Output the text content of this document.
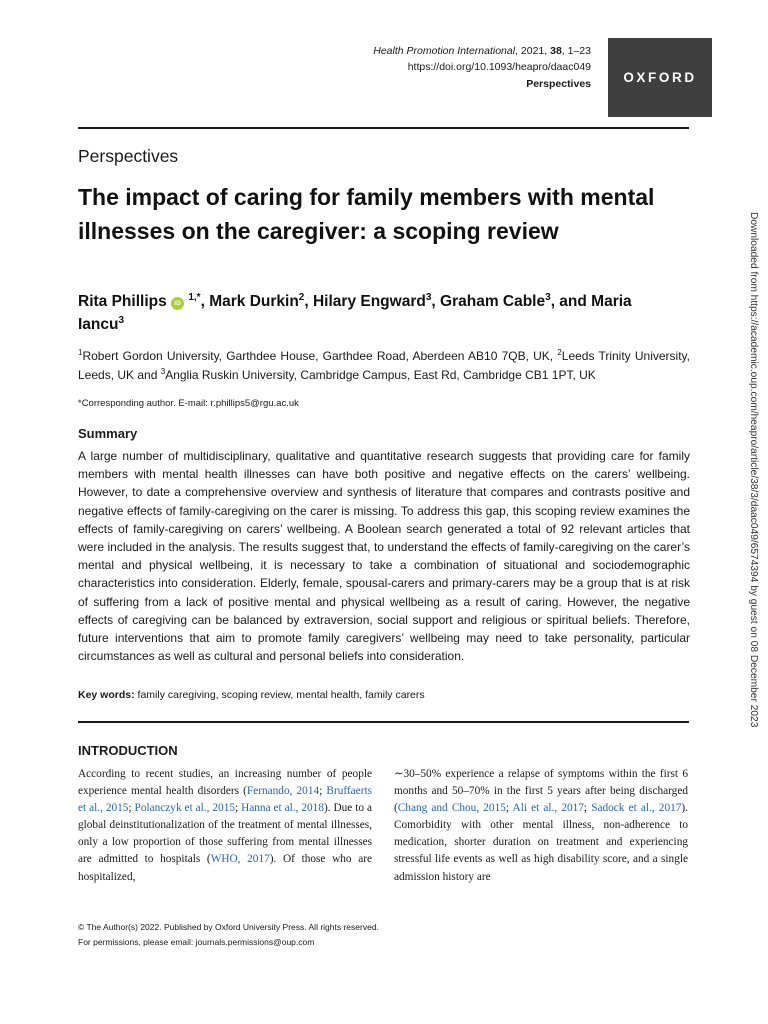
Health Promotion International, 2021, 38, 1–23
https://doi.org/10.1093/heapro/daac049
Perspectives	OXFORD
Perspectives
The impact of caring for family members with mental illnesses on the caregiver: a scoping review
Rita Phillips iD $^{1,*}$, Mark Durkin$^2$, Hilary Engward$^3$, Graham Cable$^3$, and Maria Iancu$^3$
$^1$Robert Gordon University, Garthdee House, Garthdee Road, Aberdeen AB10 7QB, UK, $^2$Leeds Trinity University, Leeds, UK and $^3$Anglia Ruskin University, Cambridge Campus, East Rd, Cambridge CB1 1PT, UK
*Corresponding author. E-mail: r.phillips5@rgu.ac.uk
Summary
A large number of multidisciplinary, qualitative and quantitative research suggests that providing care for family members with mental health illnesses can have both positive and negative effects on the carers’ wellbeing. However, to date a comprehensive overview and synthesis of literature that compares and contrasts positive and negative effects of family-caregiving on the carer is missing. To address this gap, this scoping review examines the effects of family-caregiving on carers’ wellbeing. A Boolean search generated a total of 92 relevant articles that were included in the analysis. The results suggest that, to understand the effects of family-caregiving on the carer’s mental and physical wellbeing, it is necessary to take a combination of situational and sociodemographic characteristics into consideration. Elderly, female, spousal-carers and primary-carers may be a group that is at risk of suffering from a lack of positive mental and physical wellbeing as a result of caring. However, the negative effects of caregiving can be balanced by extraversion, social support and religious or spiritual beliefs. Therefore, future interventions that aim to promote family caregivers’ wellbeing may need to take personality, particular circumstances as well as cultural and personal beliefs into consideration.
Key words: family caregiving, scoping review, mental health, family carers
INTRODUCTION
According to recent studies, an increasing number of people experience mental health disorders (Fernando, 2014; Bruffaerts et al., 2015; Polanczyk et al., 2015; Hanna et al., 2018). Due to a global deinstitutionalization of the treatment of mental illnesses, only a low proportion of those suffering from mental illnesses are admitted to hospitals (WHO, 2017). Of those who are hospitalized,
∼30–50% experience a relapse of symptoms within the first 6 months and 50–70% in the first 5 years after being discharged (Chang and Chou, 2015; Ali et al., 2017; Sadock et al., 2017). Comorbidity with other mental illness, non-adherence to medication, shorter duration on treatment and experiencing stressful life events as well as high disability score, and a single admission history are
© The Author(s) 2022. Published by Oxford University Press. All rights reserved.
For permissions, please email: journals.permissions@oup.com
Downloaded from https://academic.oup.com/heapro/article/38/3/daac049/6574394 by guest on 08 December 2023
